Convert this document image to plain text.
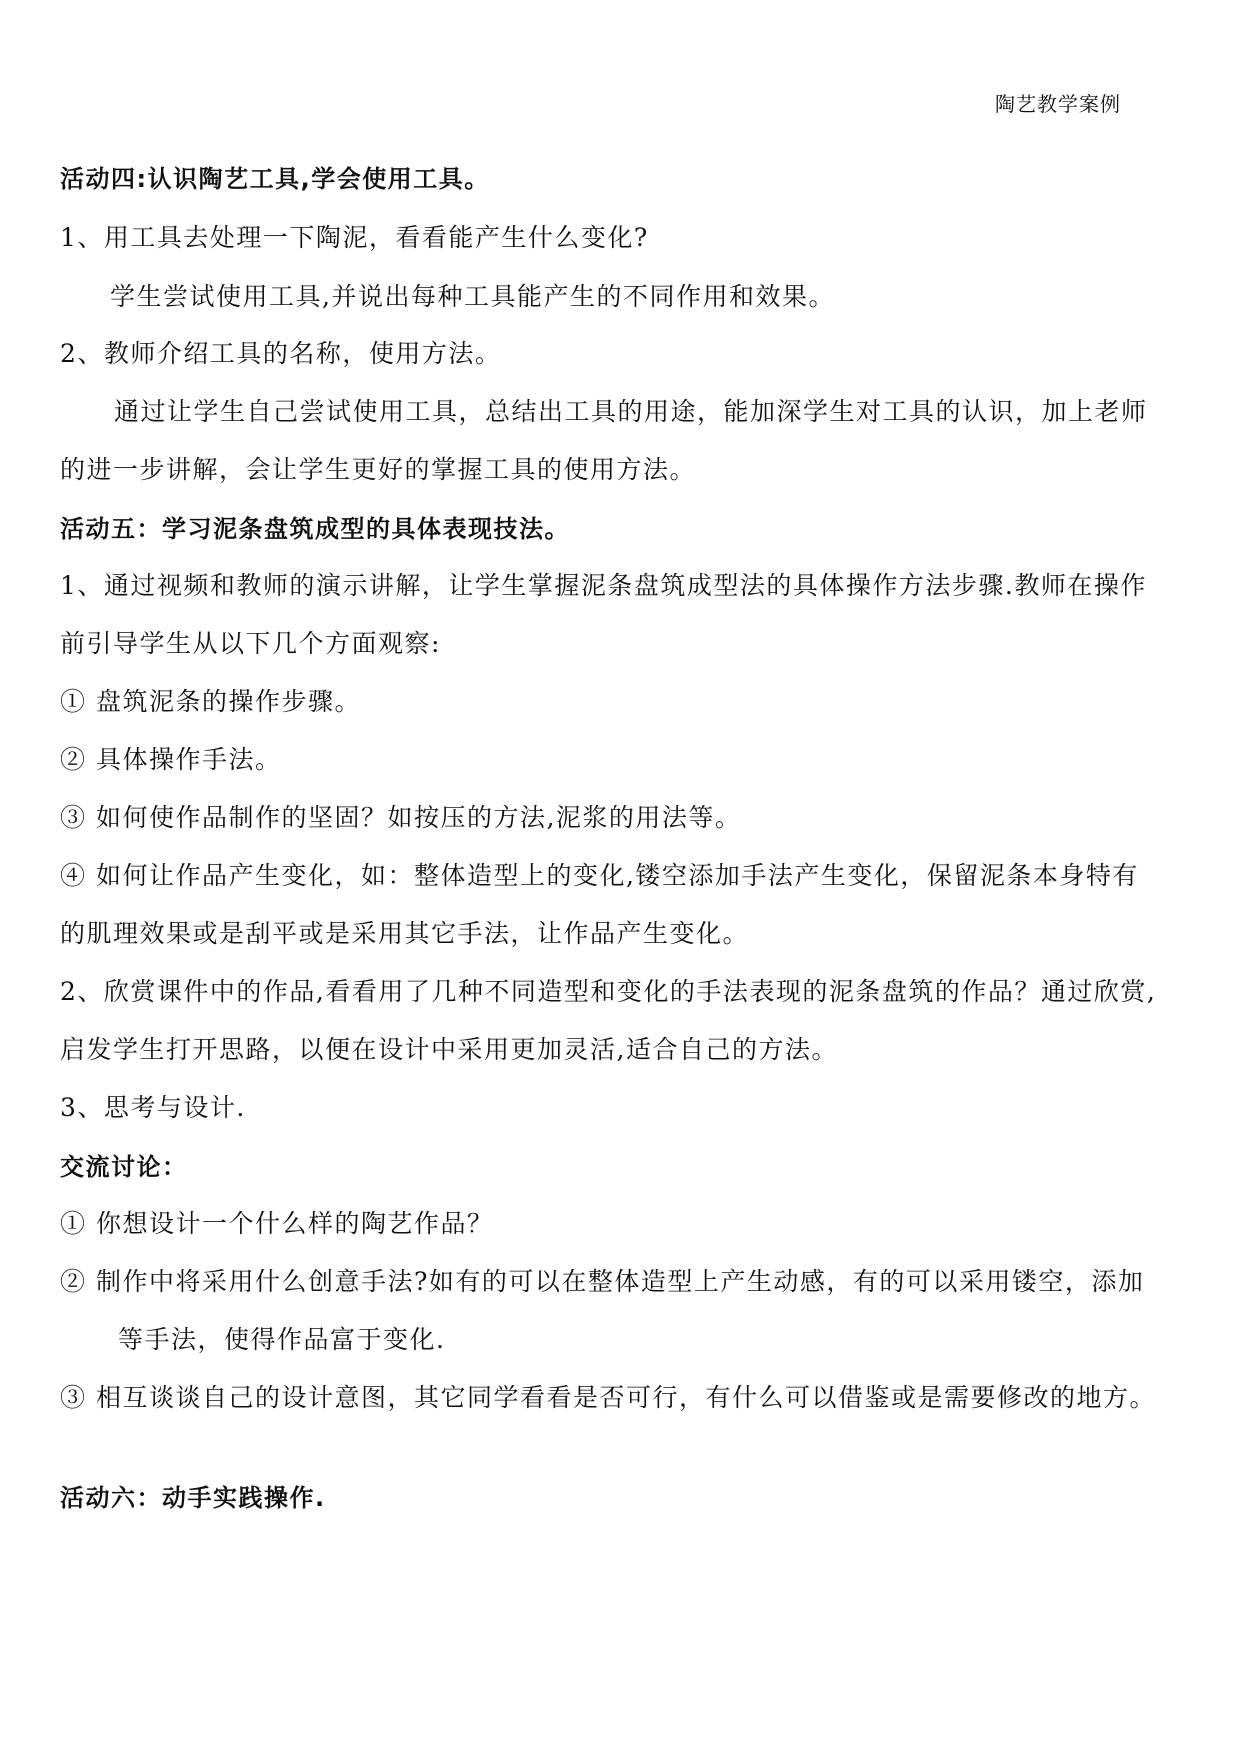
陶艺教学案例
活动四:认识陶艺工具,学会使用工具。
1、用工具去处理一下陶泥，看看能产生什么变化?
学生尝试使用工具,并说出每种工具能产生的不同作用和效果。
2、教师介绍工具的名称，使用方法。
通过让学生自己尝试使用工具，总结出工具的用途，能加深学生对工具的认识，加上老师
的进一步讲解，会让学生更好的掌握工具的使用方法。
活动五：学习泥条盘筑成型的具体表现技法。
1、通过视频和教师的演示讲解，让学生掌握泥条盘筑成型法的具体操作方法步骤.教师在操作
前引导学生从以下几个方面观察:
① 盘筑泥条的操作步骤。
② 具体操作手法。
③ 如何使作品制作的坚固？如按压的方法,泥浆的用法等。
④ 如何让作品产生变化，如：整体造型上的变化,镂空添加手法产生变化，保留泥条本身特有
的肌理效果或是刮平或是采用其它手法，让作品产生变化。
2、欣赏课件中的作品,看看用了几种不同造型和变化的手法表现的泥条盘筑的作品？通过欣赏,
启发学生打开思路，以便在设计中采用更加灵活,适合自己的方法。
3、思考与设计.
交流讨论：
① 你想设计一个什么样的陶艺作品？
② 制作中将采用什么创意手法?如有的可以在整体造型上产生动感，有的可以采用镂空，添加
等手法，使得作品富于变化.
③ 相互谈谈自己的设计意图，其它同学看看是否可行，有什么可以借鉴或是需要修改的地方。
活动六：动手实践操作.
